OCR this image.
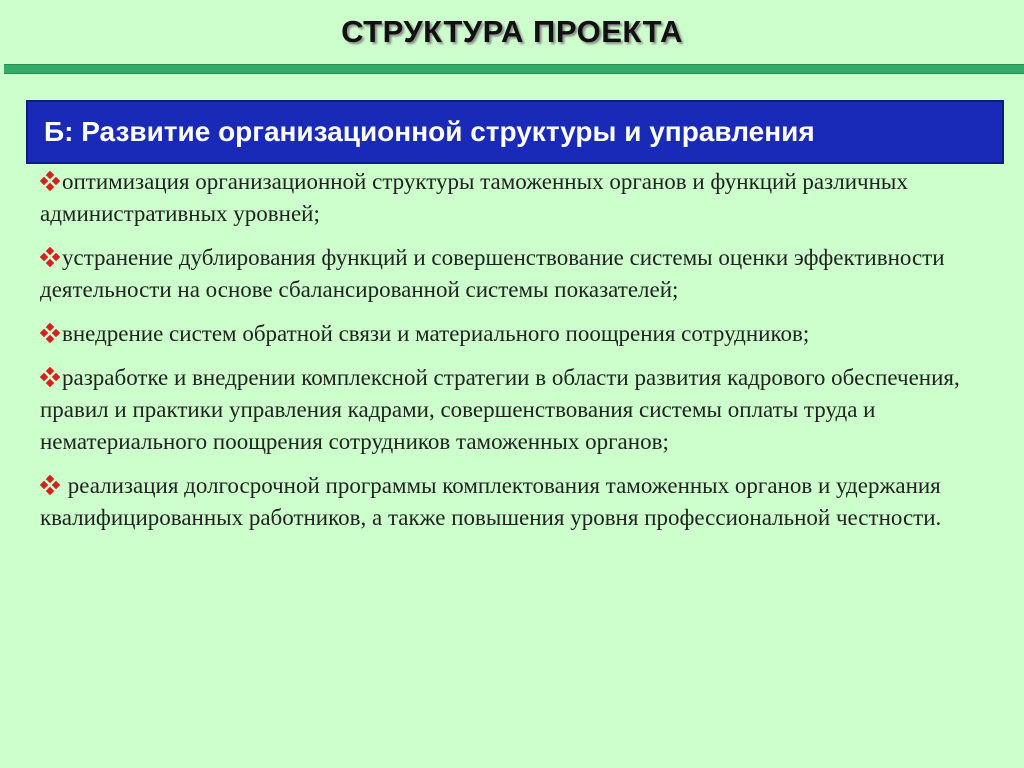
СТРУКТУРА ПРОЕКТА
Б: Развитие организационной структуры и управления
оптимизация организационной структуры таможенных органов и функций различных административных уровней;
устранение дублирования функций и совершенствование системы оценки эффективности деятельности на основе сбалансированной системы показателей;
внедрение систем обратной связи и материального поощрения сотрудников;
разработке и внедрении комплексной стратегии в области развития кадрового обеспечения, правил и практики управления кадрами, совершенствования системы оплаты труда и нематериального поощрения сотрудников таможенных органов;
реализация долгосрочной программы комплектования таможенных органов и удержания квалифицированных работников, а также повышения уровня профессиональной честности.
